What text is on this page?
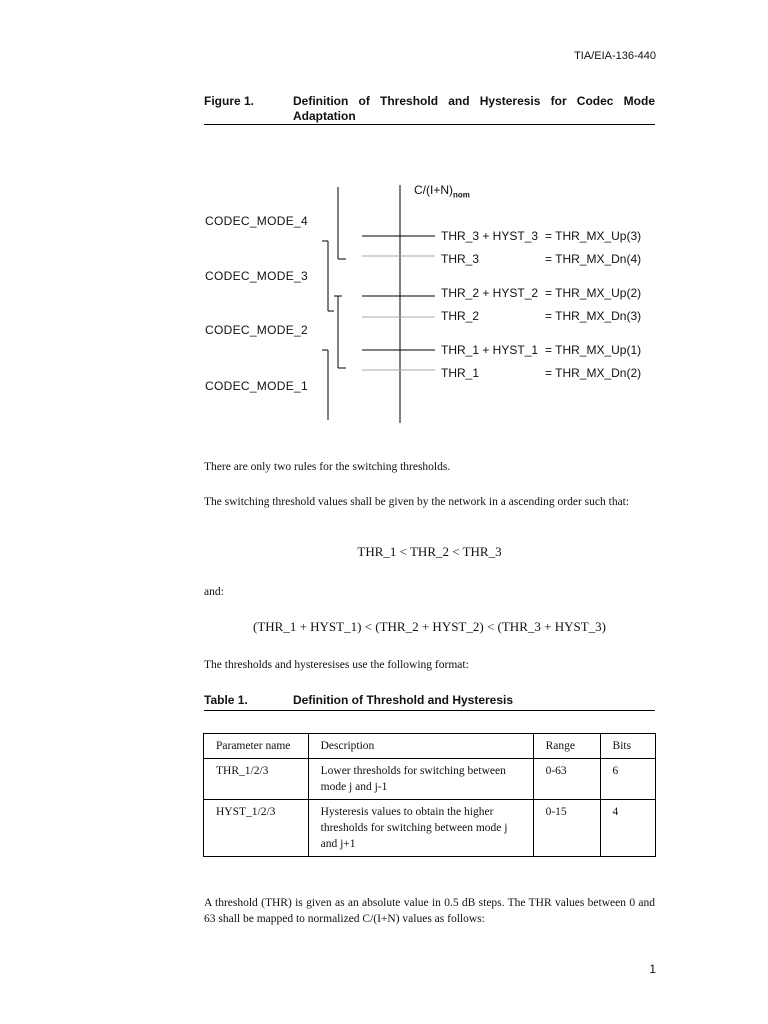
TIA/EIA-136-440
Figure 1.	Definition of Threshold and Hysteresis for Codec Mode Adaptation
$C/(I+N)_{nom}$
CODEC_MODE_4
CODEC_MODE_3
CODEC_MODE_2
CODEC_MODE_1
THR_3 + HYST_3 = THR_MX_Up(3)
THR_3	= THR_MX_Dn(4)
THR_2 + HYST_2 = THR_MX_Up(2)
THR_2	= THR_MX_Dn(3)
THR_1 + HYST_1 = THR_MX_Up(1)
THR_1	= THR_MX_Dn(2)
There are only two rules for the switching thresholds.
The switching threshold values shall be given by the network in a ascending order such that:
THR_1 < THR_2 < THR_3
and:
(THR_1 + HYST_1) < (THR_2 + HYST_2) < (THR_3 + HYST_3)
The thresholds and hysteresises use the following format:
Table 1.	Definition of Threshold and Hysteresis
Parameter name	Description	Range	Bits
THR_1/2/3	Lower thresholds for switching between mode j and j-1	0-63	6
HYST_1/2/3	Hysteresis values to obtain the higher thresholds for switching between mode j and j+1	0-15	4
A threshold (THR) is given as an absolute value in 0.5 dB steps. The THR values between 0 and 63 shall be mapped to normalized C/(I+N) values as follows:
1
